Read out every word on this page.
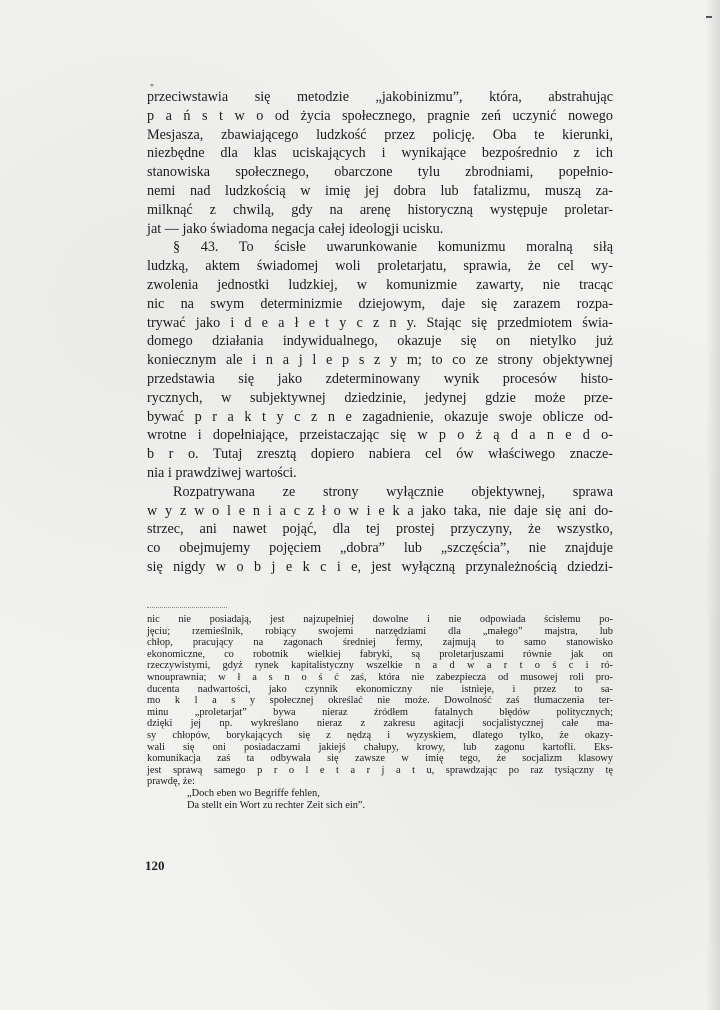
*
przeciwstawia się metodzie „jakobinizmu”, która, abstrahując
p a ń s t w o od życia społecznego, pragnie zeń uczynić nowego
Mesjasza, zbawiającego ludzkość przez policję. Oba te kierunki,
niezbędne dla klas uciskających i wynikające bezpośrednio z ich
stanowiska społecznego, obarczone tylu zbrodniami, popełnio-
nemi nad ludzkością w imię jej dobra lub fatalizmu, muszą za-
milknąć z chwilą, gdy na arenę historyczną występuje proletar-
jat — jako świadoma negacja całej ideologji ucisku.
§ 43. To ścisłe uwarunkowanie komunizmu moralną siłą
ludzką, aktem świadomej woli proletarjatu, sprawia, że cel wy-
zwolenia jednostki ludzkiej, w komunizmie zawarty, nie tracąc
nic na swym determinizmie dziejowym, daje się zarazem rozpa-
trywać jako i d e a ł e t y c z n y. Stając się przedmiotem świa-
domego działania indywidualnego, okazuje się on nietylko już
koniecznym ale i n a j l e p s z y m; to co ze strony objektywnej
przedstawia się jako zdeterminowany wynik procesów histo-
rycznych, w subjektywnej dziedzinie, jedynej gdzie może prze-
bywać p r a k t y c z n e zagadnienie, okazuje swoje oblicze od-
wrotne i dopełniające, przeistaczając się w p o ż ą d a n e d o-
b r o. Tutaj zresztą dopiero nabiera cel ów właściwego znacze-
nia i prawdziwej wartości.
Rozpatrywana ze strony wyłącznie objektywnej, sprawa
w y z w o l e n i a c z ł o w i e k a jako taka, nie daje się ani do-
strzec, ani nawet pojąć, dla tej prostej przyczyny, że wszystko,
co obejmujemy pojęciem „dobra” lub „szczęścia”, nie znajduje
się nigdy w o b j e k c i e, jest wyłączną przynależnością dziedzi-
nic nie posiadają, jest najzupełniej dowolne i nie odpowiada ścisłemu po-
jęciu; rzemieślnik, robiący swojemi narzędziami dla „małego” majstra, lub
chłop, pracujący na zagonach średniej fermy, zajmują to samo stanowisko
ekonomiczne, co robotnik wielkiej fabryki, są proletarjuszami równie jak on
rzeczywistymi, gdyż rynek kapitalistyczny wszelkie n a d w a r t o ś c i ró-
wnouprawnia; w ł a s n o ś ć zaś, która nie zabezpiecza od musowej roli pro-
ducenta nadwartości, jako czynnik ekonomiczny nie istnieje, i przez to sa-
mo k l a s y społecznej określać nie może. Dowolność zaś tłumaczenia ter-
minu „proletarjat” bywa nieraz źródłem fatalnych błędów politycznych;
dzięki jej np. wykreślano nieraz z zakresu agitacji socjalistycznej całe ma-
sy chłopów, borykających się z nędzą i wyzyskiem, dlatego tylko, że okazy-
wali się oni posiadaczami jakiejś chałupy, krowy, lub zagonu kartofli. Eks-
komunikacja zaś ta odbywała się zawsze w imię tego, że socjalizm klasowy
jest sprawą samego p r o l e t a r j a t u, sprawdzając po raz tysiączny tę
prawdę, że:
„Doch eben wo Begriffe fehlen,
Da stellt ein Wort zu rechter Zeit sich ein”.
120
